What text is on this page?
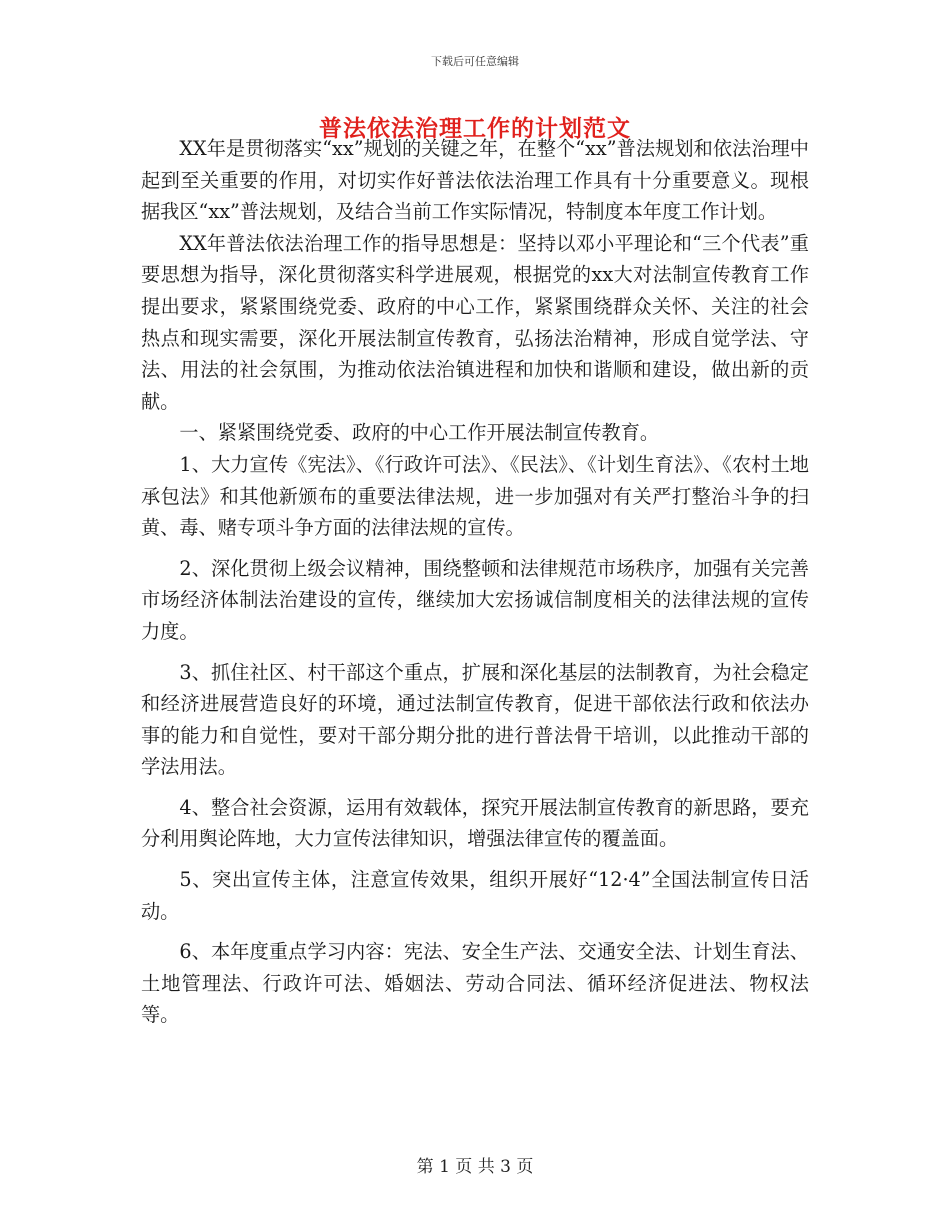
下载后可任意编辑
普法依法治理工作的计划范文

XX年是贯彻落实“xx”规划的关键之年，在整个“xx”普法规划和依法治理中起到至关重要的作用，对切实作好普法依法治理工作具有十分重要意义。现根据我区“xx”普法规划，及结合当前工作实际情况，特制度本年度工作计划。

XX年普法依法治理工作的指导思想是：坚持以邓小平理论和“三个代表”重要思想为指导，深化贯彻落实科学进展观，根据党的xx大对法制宣传教育工作提出要求，紧紧围绕党委、政府的中心工作，紧紧围绕群众关怀、关注的社会热点和现实需要，深化开展法制宣传教育，弘扬法治精神，形成自觉学法、守法、用法的社会氛围，为推动依法治镇进程和加快和谐顺和建设，做出新的贡献。

一、紧紧围绕党委、政府的中心工作开展法制宣传教育。

1、大力宣传《宪法》、《行政许可法》、《民法》、《计划生育法》、《农村土地承包法》和其他新颁布的重要法律法规，进一步加强对有关严打整治斗争的扫黄、毒、赌专项斗争方面的法律法规的宣传。

2、深化贯彻上级会议精神，围绕整顿和法律规范市场秩序，加强有关完善市场经济体制法治建设的宣传，继续加大宏扬诚信制度相关的法律法规的宣传力度。

3、抓住社区、村干部这个重点，扩展和深化基层的法制教育，为社会稳定和经济进展营造良好的环境，通过法制宣传教育，促进干部依法行政和依法办事的能力和自觉性，要对干部分期分批的进行普法骨干培训，以此推动干部的学法用法。

4、整合社会资源，运用有效载体，探究开展法制宣传教育的新思路，要充分利用舆论阵地，大力宣传法律知识，增强法律宣传的覆盖面。

5、突出宣传主体，注意宣传效果，组织开展好“12·4”全国法制宣传日活动。

6、本年度重点学习内容：宪法、安全生产法、交通安全法、计划生育法、土地管理法、行政许可法、婚姻法、劳动合同法、循环经济促进法、物权法等。

第 1 页 共 3 页
